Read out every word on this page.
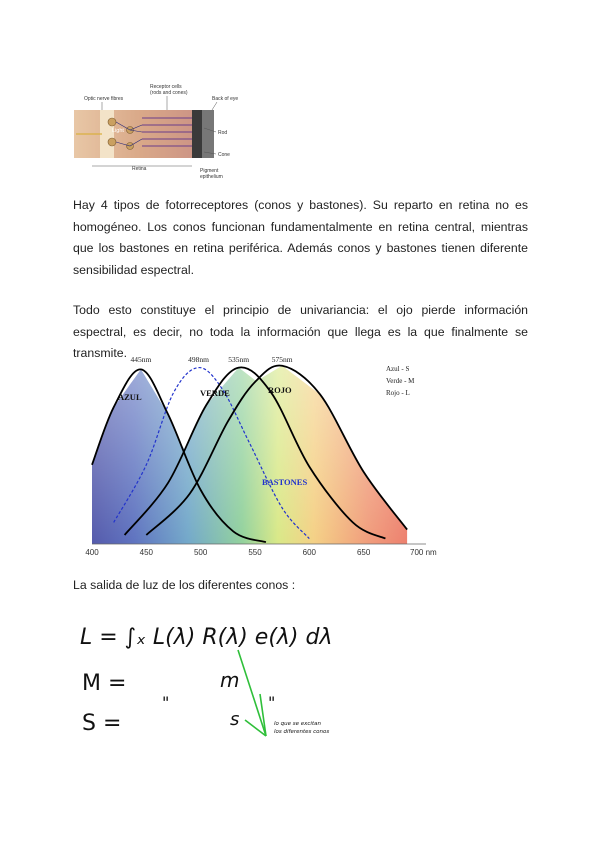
Light
Optic nerve fibres
Receptor cells
(rods and cones)
Back of eye
Rod
Cone
Retina	Pigment
epithelium

Hay 4 tipos de fotorreceptores (conos y bastones). Su reparto en retina no es homogéneo. Los conos funcionan fundamentalmente en retina central, mientras que los bastones en retina periférica. Además conos y bastones tienen diferente sensibilidad espectral.

Todo esto constituye el principio de univariancia: el ojo pierde información espectral, es decir, no toda la información que llega es la que finalmente se transmite.

400	450	500	550	600	650	700 nm
445nm	498nm	535nm	575nm
VERDE	ROJO
AZUL
BASTONES
Azul - S
Verde - M
Rojo - L

La salida de luz de los diferentes conos :

L = ∫ₓ L(λ) R(λ) e(λ) dλ
M =	m
"	"
S =	s	lo que se excitan
los diferentes conos
